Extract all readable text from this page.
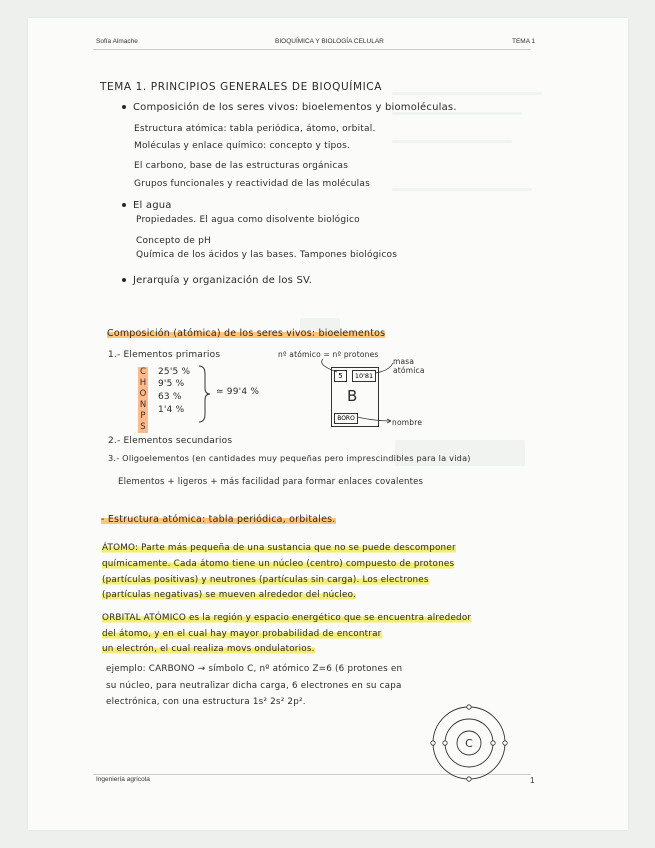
Sofía Almache	BIOQUÍMICA Y BIOLOGÍA CELULAR	TEMA 1
Ingeniería agrícola	1
TEMA 1. PRINCIPIOS GENERALES DE BIOQUÍMICA
Composición de los seres vivos: bioelementos y biomoléculas.
Estructura atómica: tabla periódica, átomo, orbital.
Moléculas y enlace químico: concepto y tipos.
El carbono, base de las estructuras orgánicas
Grupos funcionales y reactividad de las moléculas
El agua
Propiedades. El agua como disolvente biológico
Concepto de pH
Química de los ácidos y las bases. Tampones biológicos
Jerarquía y organización de los SV.
Composición (atómica) de los seres vivos: bioelementos
1.- Elementos primarios
C
H
O
N
P
S
25'5 %
9'5 %
63 %
1'4 %
≃ 99'4 %
nº atómico = nº protones
masa atómica
5	10'81
B
BORO	nombre
2.- Elementos secundarios
3.- Oligoelementos (en cantidades muy pequeñas pero imprescindibles para la vida)
Elementos + ligeros + más facilidad para formar enlaces covalentes
- Estructura atómica: tabla periódica, orbitales.
ÁTOMO: Parte más pequeña de una sustancia que no se puede descomponer
químicamente. Cada átomo tiene un núcleo (centro) compuesto de protones
(partículas positivas) y neutrones (partículas sin carga). Los electrones
(partículas negativas) se mueven alrededor del núcleo.
ORBITAL ATÓMICO es la región y espacio energético que se encuentra alrededor
del átomo, y en el cual hay mayor probabilidad de encontrar
un electrón, el cual realiza movs ondulatorios.
ejemplo: CARBONO → símbolo C, nº atómico Z=6 (6 protones en
su núcleo, para neutralizar dicha carga, 6 electrones en su capa
electrónica, con una estructura 1s² 2s² 2p².
C
